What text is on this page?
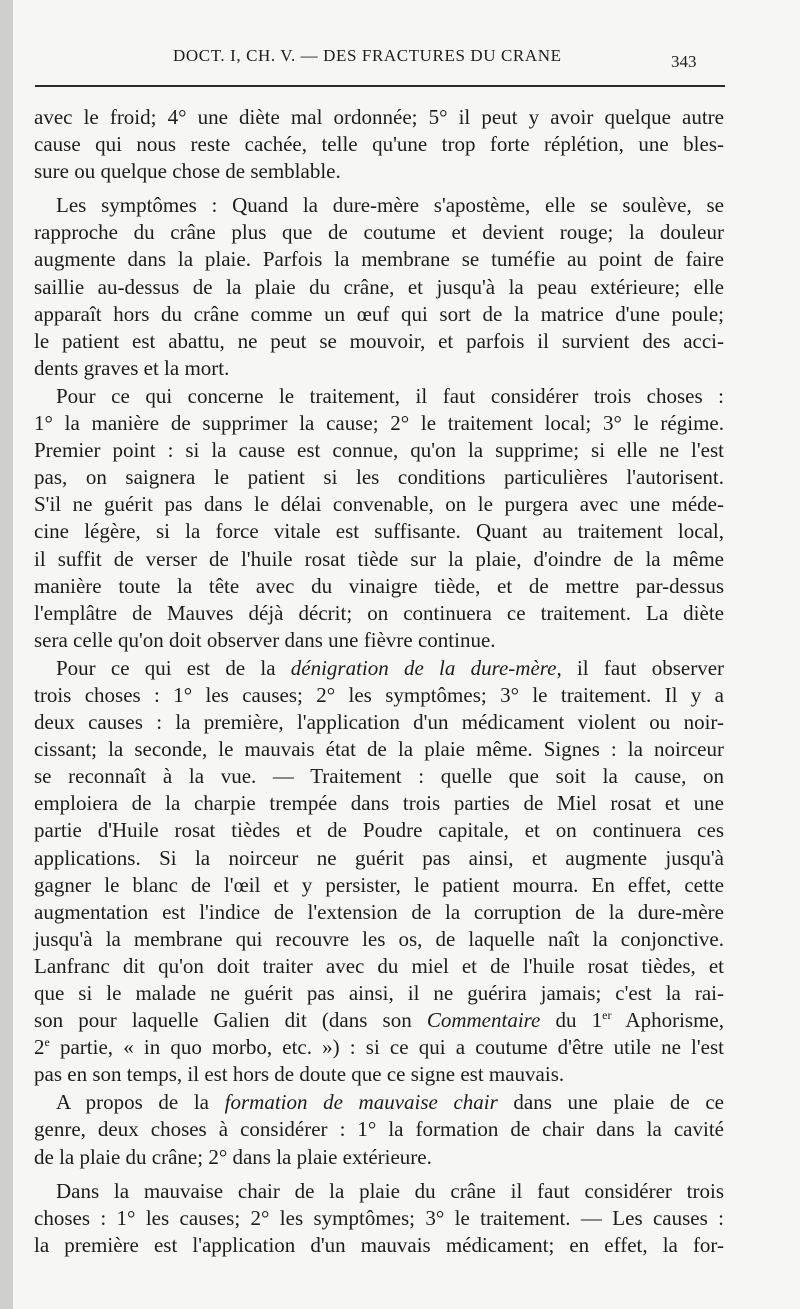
DOCT. I, CH. V. — DES FRACTURES DU CRANE	343
avec le froid; 4° une diète mal ordonnée; 5° il peut y avoir quelque autre
cause qui nous reste cachée, telle qu'une trop forte réplétion, une bles-
sure ou quelque chose de semblable.
Les symptômes : Quand la dure-mère s'apostème, elle se soulève, se
rapproche du crâne plus que de coutume et devient rouge; la douleur
augmente dans la plaie. Parfois la membrane se tuméfie au point de faire
saillie au-dessus de la plaie du crâne, et jusqu'à la peau extérieure; elle
apparaît hors du crâne comme un œuf qui sort de la matrice d'une poule;
le patient est abattu, ne peut se mouvoir, et parfois il survient des acci-
dents graves et la mort.
Pour ce qui concerne le traitement, il faut considérer trois choses :
1° la manière de supprimer la cause; 2° le traitement local; 3° le régime.
Premier point : si la cause est connue, qu'on la supprime; si elle ne l'est
pas, on saignera le patient si les conditions particulières l'autorisent.
S'il ne guérit pas dans le délai convenable, on le purgera avec une méde-
cine légère, si la force vitale est suffisante. Quant au traitement local,
il suffit de verser de l'huile rosat tiède sur la plaie, d'oindre de la même
manière toute la tête avec du vinaigre tiède, et de mettre par-dessus
l'emplâtre de Mauves déjà décrit; on continuera ce traitement. La diète
sera celle qu'on doit observer dans une fièvre continue.
Pour ce qui est de la dénigration de la dure-mère, il faut observer
trois choses : 1° les causes; 2° les symptômes; 3° le traitement. Il y a
deux causes : la première, l'application d'un médicament violent ou noir-
cissant; la seconde, le mauvais état de la plaie même. Signes : la noirceur
se reconnaît à la vue. — Traitement : quelle que soit la cause, on
emploiera de la charpie trempée dans trois parties de Miel rosat et une
partie d'Huile rosat tièdes et de Poudre capitale, et on continuera ces
applications. Si la noirceur ne guérit pas ainsi, et augmente jusqu'à
gagner le blanc de l'œil et y persister, le patient mourra. En effet, cette
augmentation est l'indice de l'extension de la corruption de la dure-mère
jusqu'à la membrane qui recouvre les os, de laquelle naît la conjonctive.
Lanfranc dit qu'on doit traiter avec du miel et de l'huile rosat tièdes, et
que si le malade ne guérit pas ainsi, il ne guérira jamais; c'est la rai-
son pour laquelle Galien dit (dans son Commentaire du 1er Aphorisme,
2e partie, « in quo morbo, etc. ») : si ce qui a coutume d'être utile ne l'est
pas en son temps, il est hors de doute que ce signe est mauvais.
A propos de la formation de mauvaise chair dans une plaie de ce
genre, deux choses à considérer : 1° la formation de chair dans la cavité
de la plaie du crâne; 2° dans la plaie extérieure.
Dans la mauvaise chair de la plaie du crâne il faut considérer trois
choses : 1° les causes; 2° les symptômes; 3° le traitement. — Les causes :
la première est l'application d'un mauvais médicament; en effet, la for-
